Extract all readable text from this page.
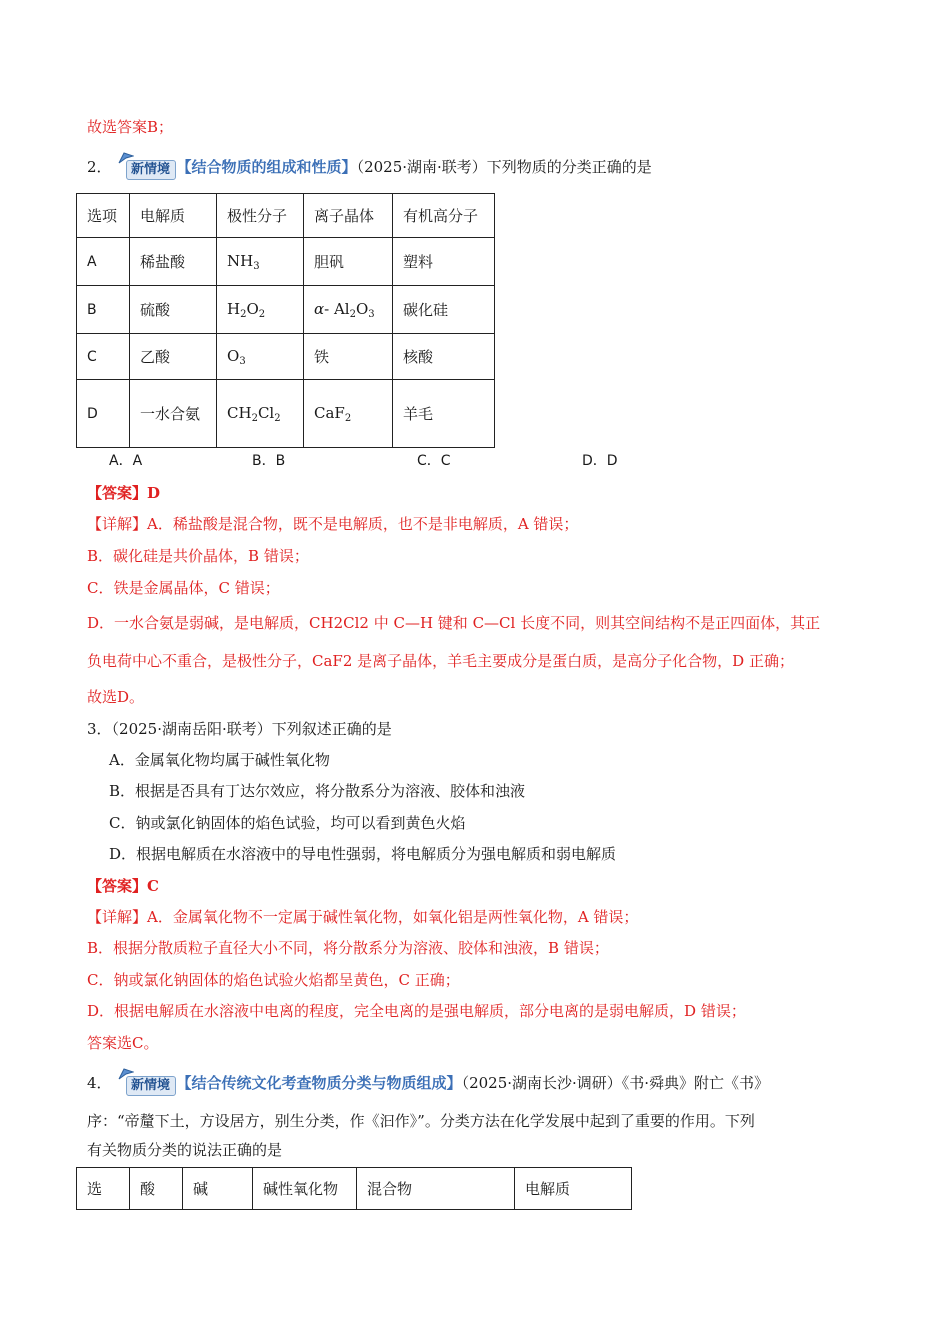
故选答案B；
2．	新情境 【结合物质的组成和性质】（2025·湖南·联考）下列物质的分类正确的是
选项	电解质	极性分子	离子晶体	有机高分子
A	稀盐酸	$NH_3$	胆矾	塑料
B	硫酸	$H_2O_2$	α- $Al_2O_3$	碳化硅
C	乙酸	$O_3$	铁	核酸
D	一水合氨	$CH_2Cl_2$	CaF$_2$	羊毛
A．A	B．B	C．C	D．D
【答案】D
【详解】A．稀盐酸是混合物，既不是电解质，也不是非电解质，A 错误；
B．碳化硅是共价晶体，B 错误；
C．铁是金属晶体，C 错误；
D．一水合氨是弱碱，是电解质，CH2Cl2 中 C—H 键和 C—Cl 长度不同，则其空间结构不是正四面体，其正
负电荷中心不重合，是极性分子，CaF2 是离子晶体，羊毛主要成分是蛋白质，是高分子化合物，D 正确；
故选D。
3．（2025·湖南岳阳·联考）下列叙述正确的是
A．金属氧化物均属于碱性氧化物
B．根据是否具有丁达尔效应，将分散系分为溶液、胶体和浊液
C．钠或氯化钠固体的焰色试验，均可以看到黄色火焰
D．根据电解质在水溶液中的导电性强弱，将电解质分为强电解质和弱电解质
【答案】C
【详解】A．金属氧化物不一定属于碱性氧化物，如氧化铝是两性氧化物，A 错误；
B．根据分散质粒子直径大小不同，将分散系分为溶液、胶体和浊液，B 错误；
C．钠或氯化钠固体的焰色试验火焰都呈黄色，C 正确；
D．根据电解质在水溶液中电离的程度，完全电离的是强电解质，部分电离的是弱电解质，D 错误；
答案选C。
4．	新情境 【结合传统文化考查物质分类与物质组成】（2025·湖南长沙·调研）《书·舜典》附亡《书》
序：“帝釐下土，方设居方，别生分类，作《汩作》”。分类方法在化学发展中起到了重要的作用。下列
有关物质分类的说法正确的是
选	酸	碱	碱性氧化物	混合物	电解质
